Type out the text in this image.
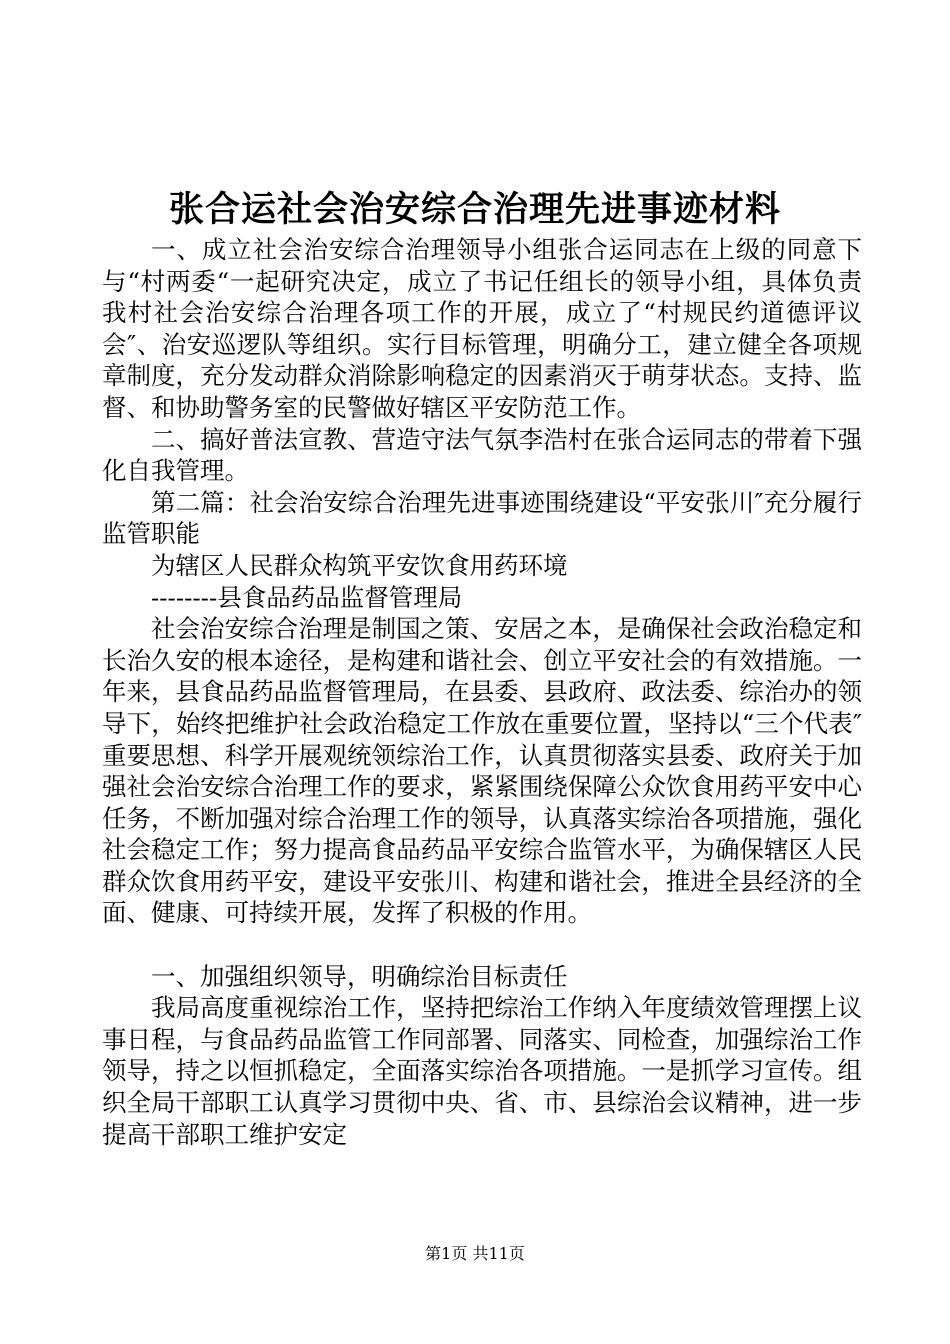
张合运社会治安综合治理先进事迹材料

一、成立社会治安综合治理领导小组张合运同志在上级的同意下与“村两委“一起研究决定，成立了书记任组长的领导小组，具体负责我村社会治安综合治理各项工作的开展，成立了“村规民约道德评议会″、治安巡逻队等组织。实行目标管理，明确分工，建立健全各项规章制度，充分发动群众消除影响稳定的因素消灭于萌芽状态。支持、监督、和协助警务室的民警做好辖区平安防范工作。

二、搞好普法宣教、营造守法气氛李浩村在张合运同志的带着下强化自我管理。

第二篇：社会治安综合治理先进事迹围绕建设“平安张川″充分履行监管职能

为辖区人民群众构筑平安饮食用药环境

--------县食品药品监督管理局

社会治安综合治理是制国之策、安居之本，是确保社会政治稳定和长治久安的根本途径，是构建和谐社会、创立平安社会的有效措施。一年来，县食品药品监督管理局，在县委、县政府、政法委、综治办的领导下，始终把维护社会政治稳定工作放在重要位置，坚持以“三个代表″重要思想、科学开展观统领综治工作，认真贯彻落实县委、政府关于加强社会治安综合治理工作的要求，紧紧围绕保障公众饮食用药平安中心任务，不断加强对综合治理工作的领导，认真落实综治各项措施，强化社会稳定工作；努力提高食品药品平安综合监管水平，为确保辖区人民群众饮食用药平安，建设平安张川、构建和谐社会，推进全县经济的全面、健康、可持续开展，发挥了积极的作用。

一、加强组织领导，明确综治目标责任

我局高度重视综治工作，坚持把综治工作纳入年度绩效管理摆上议事日程，与食品药品监管工作同部署、同落实、同检查，加强综治工作领导，持之以恒抓稳定，全面落实综治各项措施。一是抓学习宣传。组织全局干部职工认真学习贯彻中央、省、市、县综治会议精神，进一步提高干部职工维护安定

第1页 共11页
